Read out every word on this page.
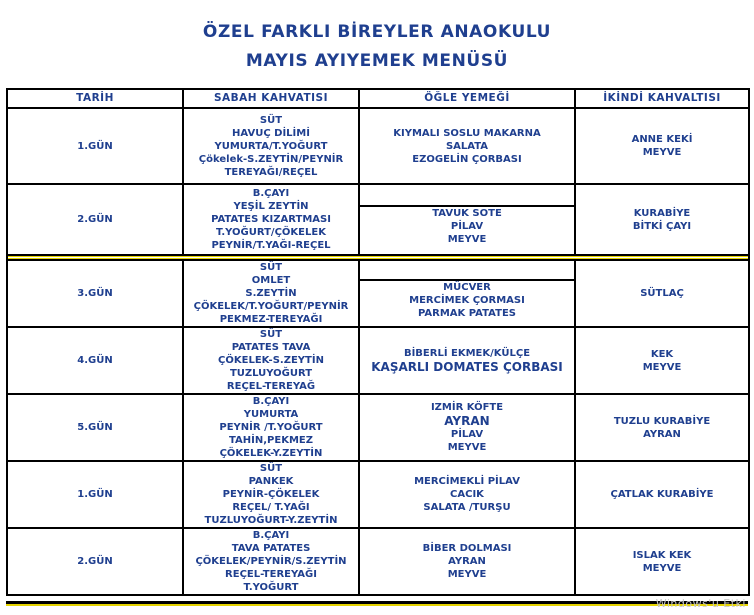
ÖZEL FARKLI BİREYLER ANAOKULU
MAYIS AYIYEMEK MENÜSÜ
TARİH	SABAH KAHVATISI	ÖĞLE YEMEĞİ	İKİNDİ KAHVALTISI
1.GÜN	SÜT
HAVUÇ DİLİMİ
YUMURTA/T.YOĞURT
Çökelek-S.ZEYTİN/PEYNİR
TEREYAĞI/REÇEL	KIYMALI SOSLU MAKARNA
SALATA
EZOGELİN ÇORBASI	ANNE KEKİ
MEYVE

2.GÜN	B.ÇAYI
YEŞİL ZEYTİN
PATATES KIZARTMASI
T.YOĞURT/ÇÖKELEK
PEYNİR/T.YAĞI-REÇEL	TAVUK SOTE
PİLAV
MEYVE	KURABİYE
BİTKİ ÇAYI

3.GÜN	SÜT
OMLET
S.ZEYTİN
ÇÖKELEK/T.YOĞURT/PEYNİR
PEKMEZ-TEREYAĞI	MÜCVER
MERCİMEK ÇORMASI
PARMAK PATATES	SÜTLAÇ

4.GÜN	SÜT
PATATES TAVA
ÇÖKELEK-S.ZEYTİN
TUZLUYOĞURT
REÇEL-TEREYAĞ	BİBERLİ EKMEK/KÜLÇE
KAŞARLI DOMATES ÇORBASI	KEK
MEYVE

5.GÜN	B.ÇAYI
YUMURTA
PEYNİR /T.YOĞURT
TAHİN,PEKMEZ
ÇÖKELEK-Y.ZEYTİN	IZMİR KÖFTE
AYRAN
PİLAV
MEYVE	TUZLU KURABİYE
AYRAN

1.GÜN	SÜT
PANKEK
PEYNİR-ÇÖKELEK
REÇEL/ T.YAĞI
TUZLUYOĞURT-Y.ZEYTİN	MERCİMEKLİ PİLAV
CACIK
SALATA /TURŞU	ÇATLAK KURABİYE

2.GÜN	B.ÇAYI
TAVA PATATES
ÇÖKELEK/PEYNİR/S.ZEYTİN
REÇEL-TEREYAĞI
T.YOĞURT	BİBER DOLMASI
AYRAN
MEYVE	ISLAK KEK
MEYVE
Windows'u Etki
